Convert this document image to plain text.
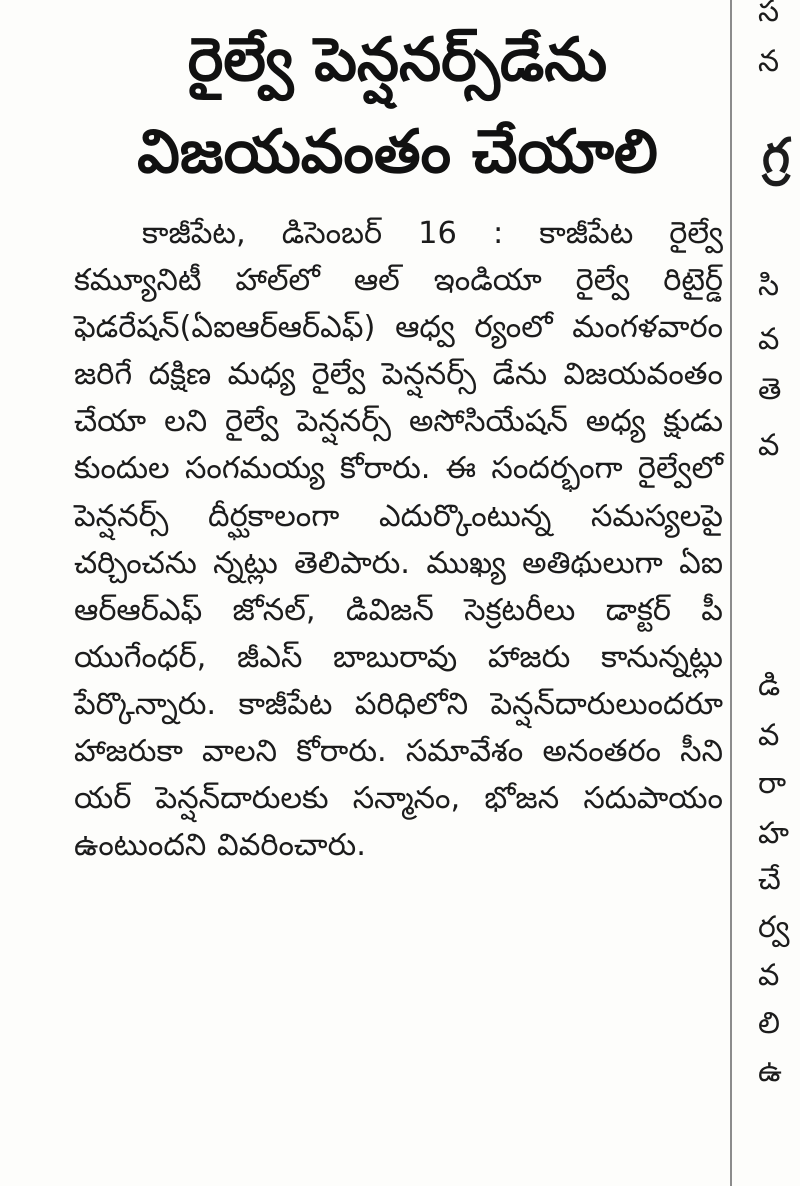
రైల్వే పెన్షనర్స్‌డేను
విజయవంతం చేయాలి

కాజీపేట, డిసెంబర్ 16 : కాజీపేట రైల్వే కమ్యూనిటీ హాల్‌లో ఆల్ ఇండియా రైల్వే రిటైర్డ్ ఫెడరేషన్(ఏఐఆర్ఆర్ఎఫ్) ఆధ్వ ర్యంలో మంగళవారం జరిగే దక్షిణ మధ్య రైల్వే పెన్షనర్స్ డేను విజయవంతం చేయా లని రైల్వే పెన్షనర్స్ అసోసియేషన్ అధ్య క్షుడు కుందుల సంగమయ్య కోరారు. ఈ సందర్భంగా రైల్వేలో పెన్షనర్స్ దీర్ఘకాలంగా ఎదుర్కొంటున్న సమస్యలపై చర్చించను న్నట్లు తెలిపారు. ముఖ్య అతిథులుగా ఏఐ ఆర్ఆర్ఎఫ్ జోనల్, డివిజన్ సెక్రటరీలు డాక్టర్ పీ యుగేంధర్, జీఎస్ బాబురావు హాజరు కానున్నట్లు పేర్కొన్నారు. కాజీపేట పరిధిలోని పెన్షన్‌దారులుందరూ హాజరుకా వాలని కోరారు. సమావేశం అనంతరం సీని యర్ పెన్షన్‌దారులకు సన్మానం, భోజన సదుపాయం ఉంటుందని వివరించారు.

స
న
గ్ర
సి
వ
తె
వ
డి
వ
రా
హ
చే
ర్వ
వ
లి
ఉ
